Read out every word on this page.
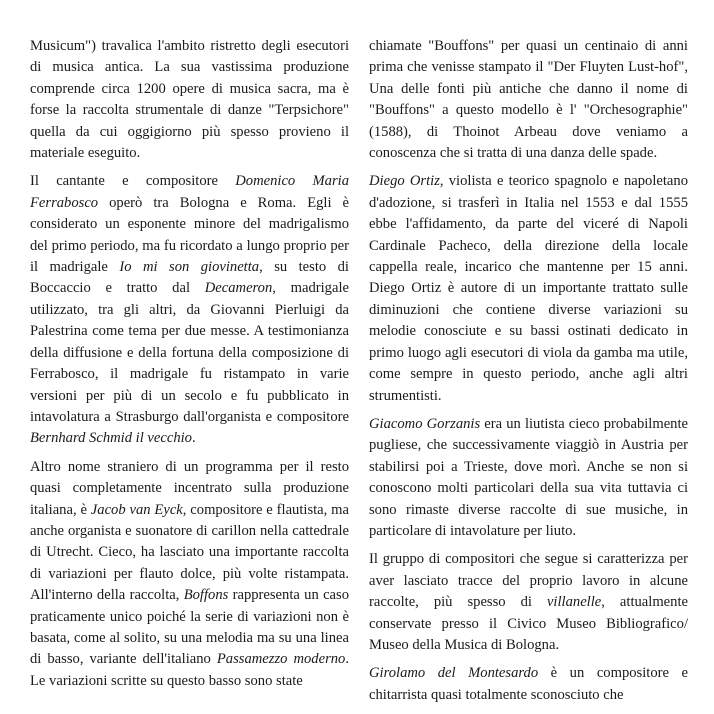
Musicum") travalica l'ambito ristretto degli esecutori di musica antica. La sua vastissima produzione comprende circa 1200 opere di musica sacra, ma è forse la raccolta strumentale di danze "Terpsichore" quella da cui oggigiorno più spesso provieno il materiale eseguito.

Il cantante e compositore Domenico Maria Ferrabosco operò tra Bologna e Roma. Egli è considerato un esponente minore del madrigalismo del primo periodo, ma fu ricordato a lungo proprio per il madrigale Io mi son giovinetta, su testo di Boccaccio e tratto dal Decameron, madrigale utilizzato, tra gli altri, da Giovanni Pierluigi da Palestrina come tema per due messe. A testimonianza della diffusione e della fortuna della composizione di Ferrabosco, il madrigale fu ristampato in varie versioni per più di un secolo e fu pubblicato in intavolatura a Strasburgo dall'organista e compositore Bernhard Schmid il vecchio.

Altro nome straniero di un programma per il resto quasi completamente incentrato sulla produzione italiana, è Jacob van Eyck, compositore e flautista, ma anche organista e suonatore di carillon nella cattedrale di Utrecht. Cieco, ha lasciato una importante raccolta di variazioni per flauto dolce, più volte ristampata. All'interno della raccolta, Boffons rappresenta un caso praticamente unico poiché la serie di variazioni non è basata, come al solito, su una melodia ma su una linea di basso, variante dell'italiano Passamezzo moderno. Le variazioni scritte su questo basso sono state

chiamate "Bouffons" per quasi un centinaio di anni prima che venisse stampato il "Der Fluyten Lust-hof", Una delle fonti più antiche che danno il nome di "Bouffons" a questo modello è l' "Orchesographie" (1588), di Thoinot Arbeau dove veniamo a conoscenza che si tratta di una danza delle spade.

Diego Ortiz, violista e teorico spagnolo e napoletano d'adozione, si trasferì in Italia nel 1553 e dal 1555 ebbe l'affidamento, da parte del viceré di Napoli Cardinale Pacheco, della direzione della locale cappella reale, incarico che mantenne per 15 anni. Diego Ortiz è autore di un importante trattato sulle diminuzioni che contiene diverse variazioni su melodie conosciute e su bassi ostinati dedicato in primo luogo agli esecutori di viola da gamba ma utile, come sempre in questo periodo, anche agli altri strumentisti.

Giacomo Gorzanis era un liutista cieco probabilmente pugliese, che successivamente viaggiò in Austria per stabilirsi poi a Trieste, dove morì. Anche se non si conoscono molti particolari della sua vita tuttavia ci sono rimaste diverse raccolte di sue musiche, in particolare di intavolature per liuto.

Il gruppo di compositori che segue si caratterizza per aver lasciato tracce del proprio lavoro in alcune raccolte, più spesso di villanelle, attualmente conservate presso il Civico Museo Bibliografico/ Museo della Musica di Bologna.

Girolamo del Montesardo è un compositore e chitarrista quasi totalmente sconosciuto che
